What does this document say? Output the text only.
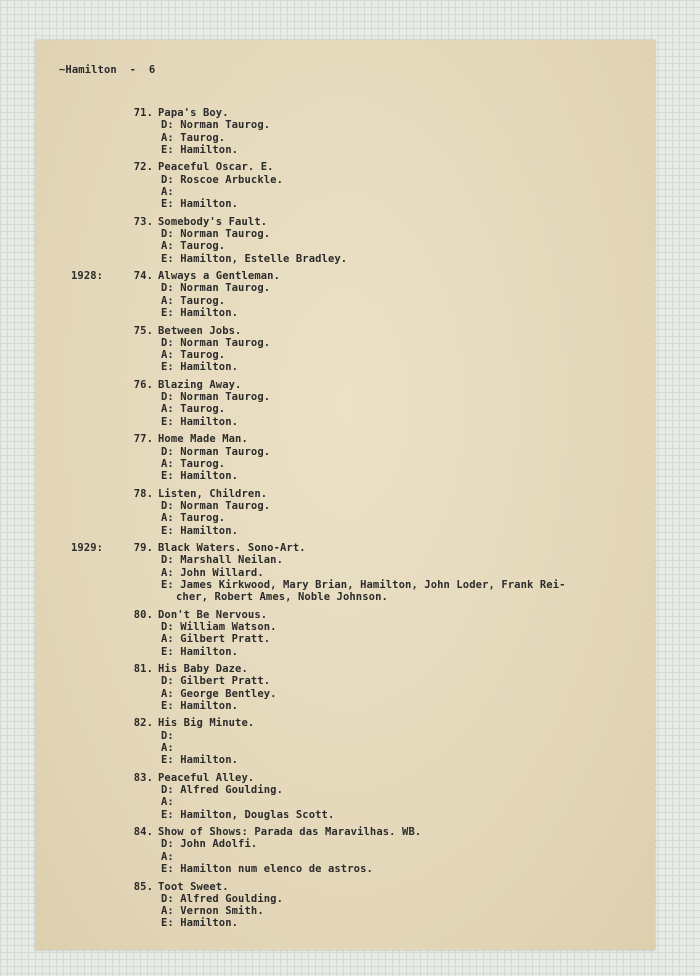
~Hamilton  -  6
71. Papa's Boy.
D: Norman Taurog.
A: Taurog.
E: Hamilton.
72. Peaceful Oscar. E.
D: Roscoe Arbuckle.
A:
E: Hamilton.
73. Somebody's Fault.
D: Norman Taurog.
A: Taurog.
E: Hamilton, Estelle Bradley.
1928:	74. Always a Gentleman.
D: Norman Taurog.
A: Taurog.
E: Hamilton.
75. Between Jobs.
D: Norman Taurog.
A: Taurog.
E: Hamilton.
76. Blazing Away.
D: Norman Taurog.
A: Taurog.
E: Hamilton.
77. Home Made Man.
D: Norman Taurog.
A: Taurog.
E: Hamilton.
78. Listen, Children.
D: Norman Taurog.
A: Taurog.
E: Hamilton.
1929:	79. Black Waters. Sono-Art.
D: Marshall Neilan.
A: John Willard.
E: James Kirkwood, Mary Brian, Hamilton, John Loder, Frank Rei-
cher, Robert Ames, Noble Johnson.
80. Don't Be Nervous.
D: William Watson.
A: Gilbert Pratt.
E: Hamilton.
81. His Baby Daze.
D: Gilbert Pratt.
A: George Bentley.
E: Hamilton.
82. His Big Minute.
D:
A:
E: Hamilton.
83. Peaceful Alley.
D: Alfred Goulding.
A:
E: Hamilton, Douglas Scott.
84. Show of Shows: Parada das Maravilhas. WB.
D: John Adolfi.
A:
E: Hamilton num elenco de astros.
85. Toot Sweet.
D: Alfred Goulding.
A: Vernon Smith.
E: Hamilton.
